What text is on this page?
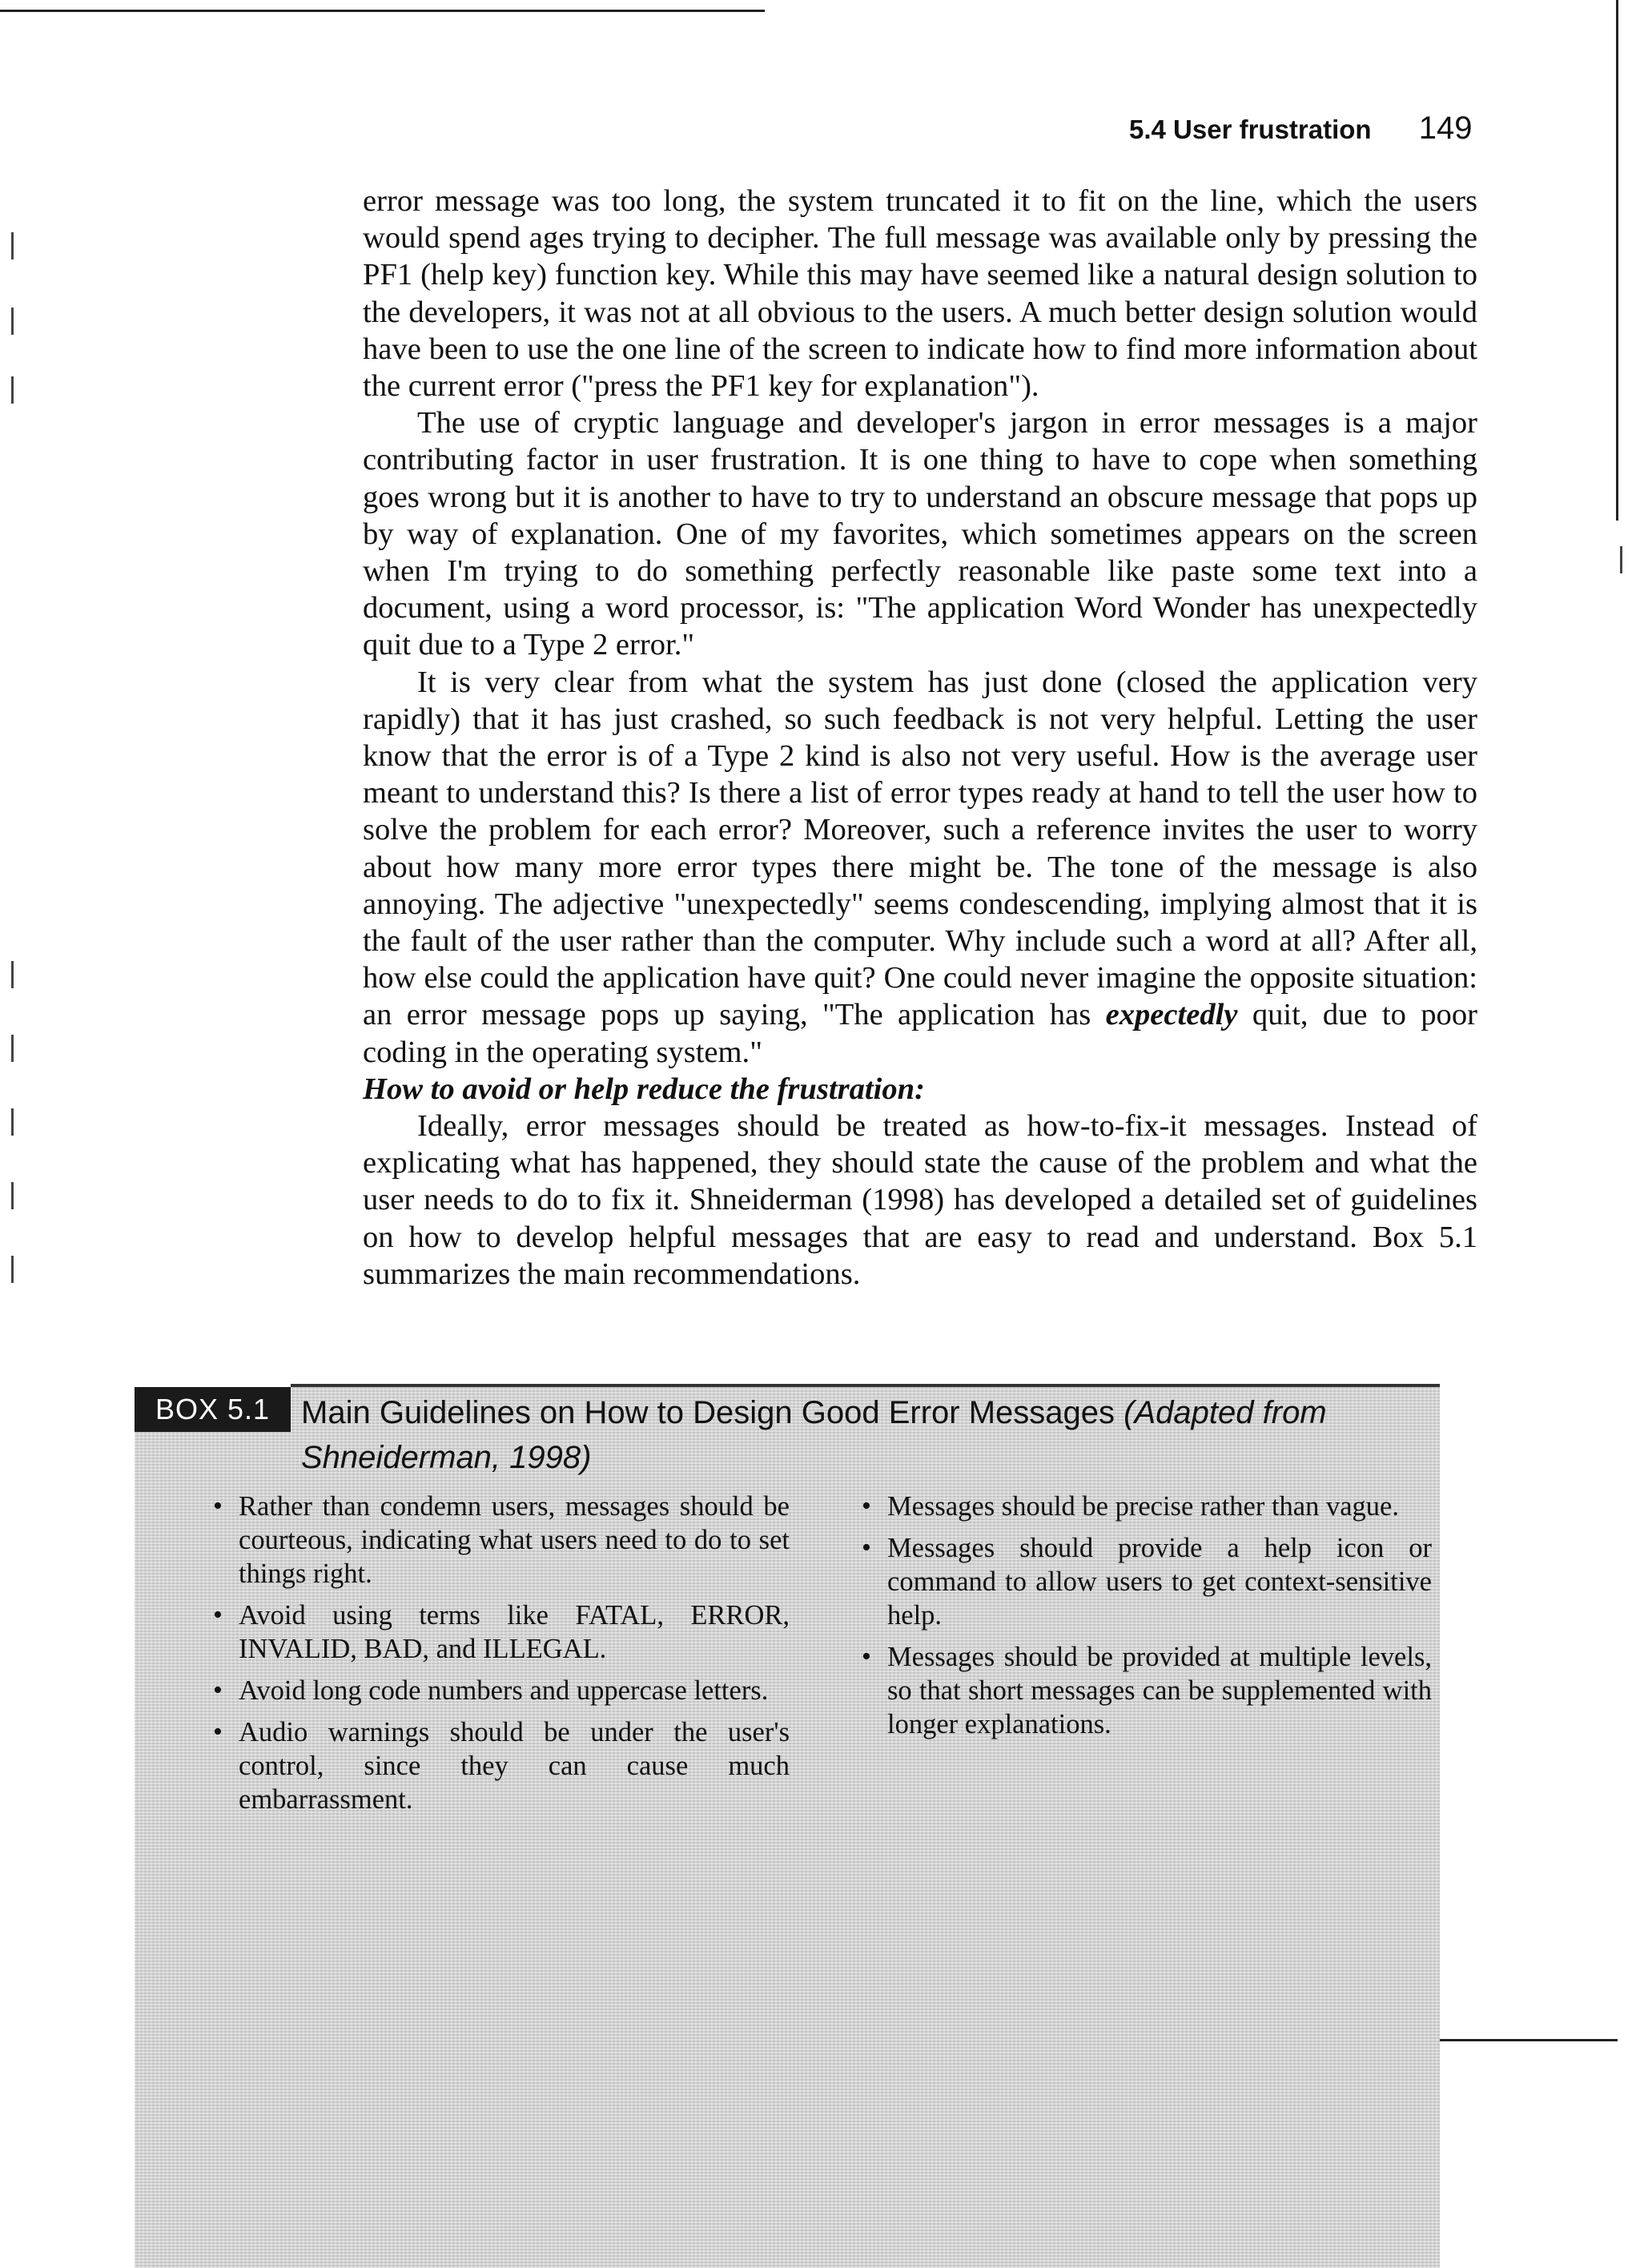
5.4 User frustration 149

error message was too long, the system truncated it to fit on the line, which the users would spend ages trying to decipher. The full message was available only by pressing the PF1 (help key) function key. While this may have seemed like a natural design solution to the developers, it was not at all obvious to the users. A much better design solution would have been to use the one line of the screen to indicate how to find more information about the current error ("press the PF1 key for explanation").

The use of cryptic language and developer's jargon in error messages is a major contributing factor in user frustration. It is one thing to have to cope when something goes wrong but it is another to have to try to understand an obscure message that pops up by way of explanation. One of my favorites, which sometimes appears on the screen when I'm trying to do something perfectly reasonable like paste some text into a document, using a word processor, is: "The application Word Wonder has unexpectedly quit due to a Type 2 error."

It is very clear from what the system has just done (closed the application very rapidly) that it has just crashed, so such feedback is not very helpful. Letting the user know that the error is of a Type 2 kind is also not very useful. How is the average user meant to understand this? Is there a list of error types ready at hand to tell the user how to solve the problem for each error? Moreover, such a reference invites the user to worry about how many more error types there might be. The tone of the message is also annoying. The adjective "unexpectedly" seems condescending, implying almost that it is the fault of the user rather than the computer. Why include such a word at all? After all, how else could the application have quit? One could never imagine the opposite situation: an error message pops up saying, "The application has expectedly quit, due to poor coding in the operating system."

How to avoid or help reduce the frustration:

Ideally, error messages should be treated as how-to-fix-it messages. Instead of explicating what has happened, they should state the cause of the problem and what the user needs to do to fix it. Shneiderman (1998) has developed a detailed set of guidelines on how to develop helpful messages that are easy to read and understand. Box 5.1 summarizes the main recommendations.

BOX 5.1 Main Guidelines on How to Design Good Error Messages (Adapted from Shneiderman, 1998)
• Rather than condemn users, messages should be courteous, indicating what users need to do to set things right.
• Avoid using terms like FATAL, ERROR, INVALID, BAD, and ILLEGAL.
• Avoid long code numbers and uppercase letters.
• Audio warnings should be under the user's control, since they can cause much embarrassment.
• Messages should be precise rather than vague.
• Messages should provide a help icon or command to allow users to get context-sensitive help.
• Messages should be provided at multiple levels, so that short messages can be supplemented with longer explanations.
